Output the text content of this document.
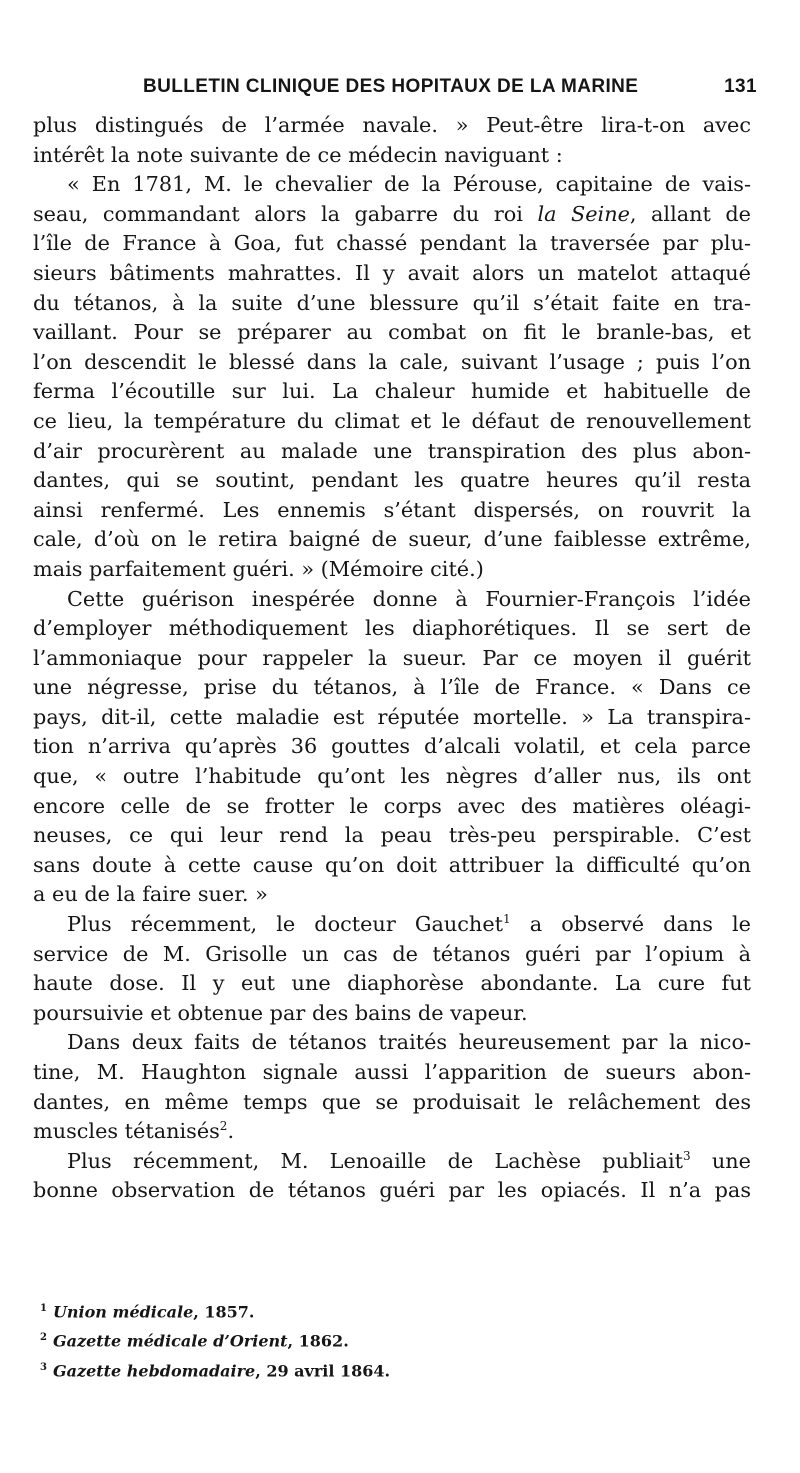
BULLETIN CLINIQUE DES HOPITAUX DE LA MARINE	131
plus distingués de l’armée navale. » Peut-être lira-t-on avec
intérêt la note suivante de ce médecin naviguant :
« En 1781, M. le chevalier de la Pérouse, capitaine de vais-
seau, commandant alors la gabarre du roi la Seine, allant de
l’île de France à Goa, fut chassé pendant la traversée par plu-
sieurs bâtiments mahrattes. Il y avait alors un matelot attaqué
du tétanos, à la suite d’une blessure qu’il s’était faite en tra-
vaillant. Pour se préparer au combat on fit le branle-bas, et
l’on descendit le blessé dans la cale, suivant l’usage ; puis l’on
ferma l’écoutille sur lui. La chaleur humide et habituelle de
ce lieu, la température du climat et le défaut de renouvellement
d’air procurèrent au malade une transpiration des plus abon-
dantes, qui se soutint, pendant les quatre heures qu’il resta
ainsi renfermé. Les ennemis s’étant dispersés, on rouvrit la
cale, d’où on le retira baigné de sueur, d’une faiblesse extrême,
mais parfaitement guéri. » (Mémoire cité.)
Cette guérison inespérée donne à Fournier-François l’idée
d’employer méthodiquement les diaphorétiques. Il se sert de
l’ammoniaque pour rappeler la sueur. Par ce moyen il guérit
une négresse, prise du tétanos, à l’île de France. « Dans ce
pays, dit-il, cette maladie est réputée mortelle. » La transpira-
tion n’arriva qu’après 36 gouttes d’alcali volatil, et cela parce
que, « outre l’habitude qu’ont les nègres d’aller nus, ils ont
encore celle de se frotter le corps avec des matières oléagi-
neuses, ce qui leur rend la peau très-peu perspirable. C’est
sans doute à cette cause qu’on doit attribuer la difficulté qu’on
a eu de la faire suer. »
Plus récemment, le docteur Gauchet$^1$ a observé dans le
service de M. Grisolle un cas de tétanos guéri par l’opium à
haute dose. Il y eut une diaphorèse abondante. La cure fut
poursuivie et obtenue par des bains de vapeur.
Dans deux faits de tétanos traités heureusement par la nico-
tine, M. Haughton signale aussi l’apparition de sueurs abon-
dantes, en même temps que se produisait le relâchement des
muscles tétanisés$^2$.
Plus récemment, M. Lenoaille de Lachèse publiait$^3$ une
bonne observation de tétanos guéri par les opiacés. Il n’a pas
$^1$ Union médicale, 1857.
$^2$ Gazette médicale d’Orient, 1862.
$^3$ Gazette hebdomadaire, 29 avril 1864.
